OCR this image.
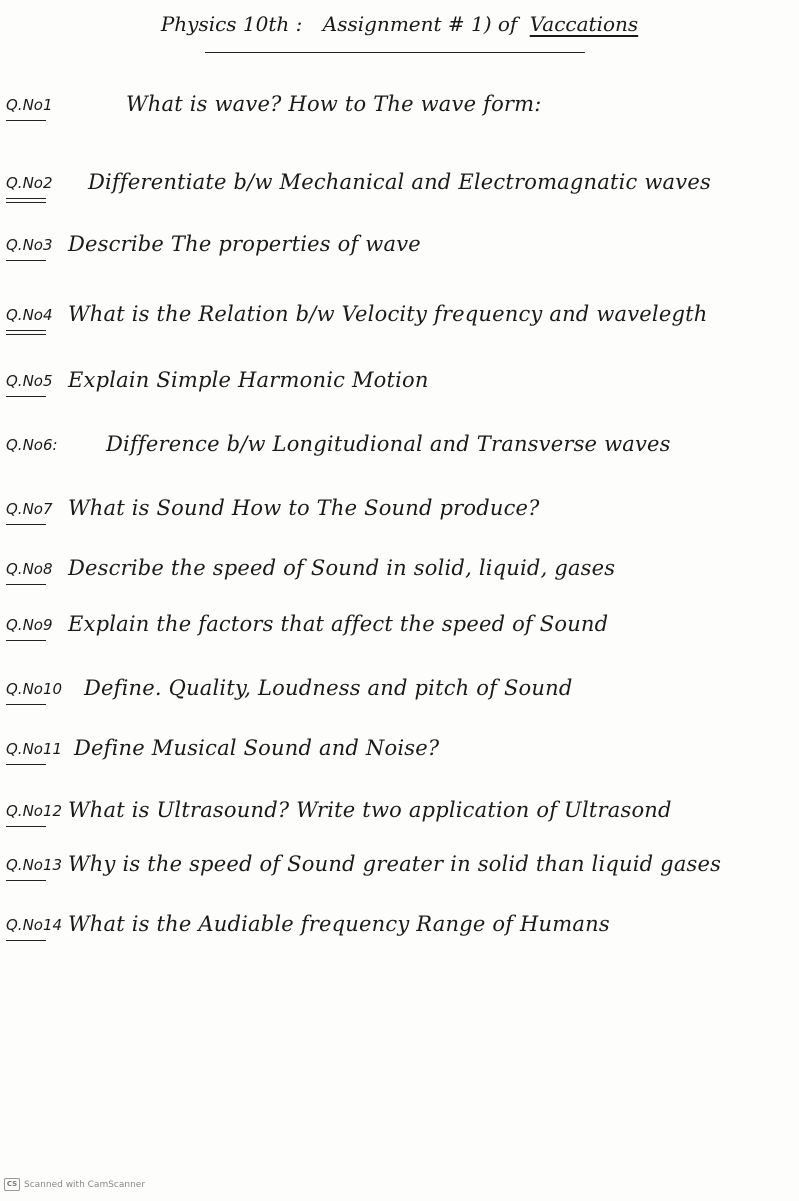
Physics 10th : Assignment # 1) of Vaccations
Q.No1	What is wave? How to The wave form:
Q.No2 Differentiate b/w Mechanical and Electromagnatic waves
Q.No3 Describe The properties of wave
Q.No4 What is the Relation b/w Velocity frequency and wavelegth
Q.No5 Explain Simple Harmonic Motion
Q.No6: Difference b/w Longitudional and Transverse waves
Q.No7 What is Sound How to The Sound produce?
Q.No8 Describe the speed of Sound in solid, liquid, gases
Q.No9 Explain the factors that affect the speed of Sound
Q.No10 Define. Quality, Loudness and pitch of Sound
Q.No11 Define Musical Sound and Noise?
Q.No12 What is Ultrasound? Write two application of Ultrasond
Q.No13 Why is the speed of Sound greater in solid than liquid gases
Q.No14 What is the Audiable frequency Range of Humans
CS Scanned with CamScanner
